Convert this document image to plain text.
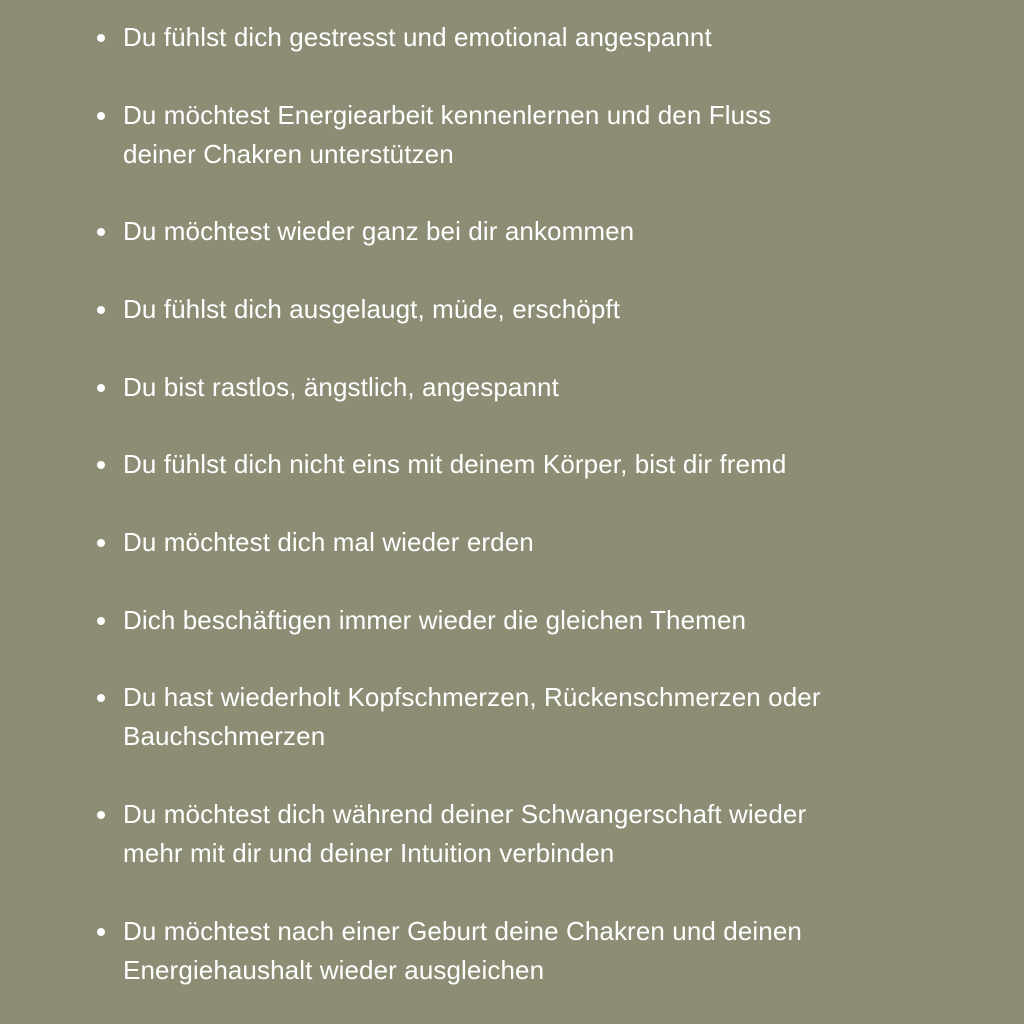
Du fühlst dich gestresst und emotional angespannt
Du möchtest Energiearbeit kennenlernen und den Fluss
deiner Chakren unterstützen
Du möchtest wieder ganz bei dir ankommen
Du fühlst dich ausgelaugt, müde, erschöpft
Du bist rastlos, ängstlich, angespannt
Du fühlst dich nicht eins mit deinem Körper, bist dir fremd
Du möchtest dich mal wieder erden
Dich beschäftigen immer wieder die gleichen Themen
Du hast wiederholt Kopfschmerzen, Rückenschmerzen oder
Bauchschmerzen
Du möchtest dich während deiner Schwangerschaft wieder
mehr mit dir und deiner Intuition verbinden
Du möchtest nach einer Geburt deine Chakren und deinen
Energiehaushalt wieder ausgleichen
